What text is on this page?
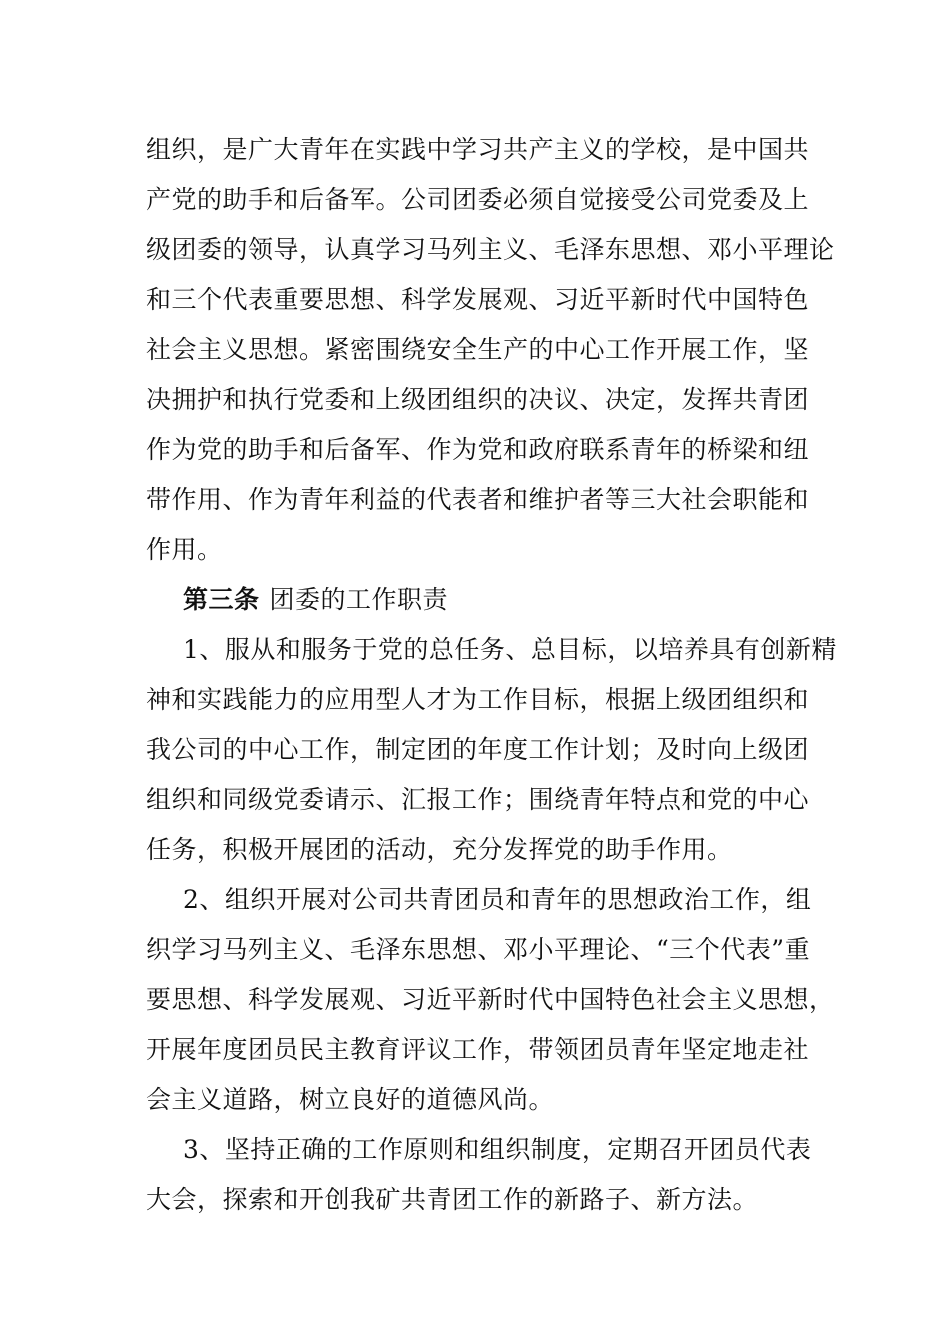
组织，是广大青年在实践中学习共产主义的学校，是中国共
产党的助手和后备军。公司团委必须自觉接受公司党委及上
级团委的领导，认真学习马列主义、毛泽东思想、邓小平理论
和三个代表重要思想、科学发展观、习近平新时代中国特色
社会主义思想。紧密围绕安全生产的中心工作开展工作，坚
决拥护和执行党委和上级团组织的决议、决定，发挥共青团
作为党的助手和后备军、作为党和政府联系青年的桥梁和纽
带作用、作为青年利益的代表者和维护者等三大社会职能和
作用。
第三条 团委的工作职责
1、服从和服务于党的总任务、总目标，以培养具有创新精
神和实践能力的应用型人才为工作目标，根据上级团组织和
我公司的中心工作，制定团的年度工作计划；及时向上级团
组织和同级党委请示、汇报工作；围绕青年特点和党的中心
任务，积极开展团的活动，充分发挥党的助手作用。
2、组织开展对公司共青团员和青年的思想政治工作，组
织学习马列主义、毛泽东思想、邓小平理论、“三个代表”重
要思想、科学发展观、习近平新时代中国特色社会主义思想，
开展年度团员民主教育评议工作，带领团员青年坚定地走社
会主义道路，树立良好的道德风尚。
3、坚持正确的工作原则和组织制度，定期召开团员代表
大会，探索和开创我矿共青团工作的新路子、新方法。
